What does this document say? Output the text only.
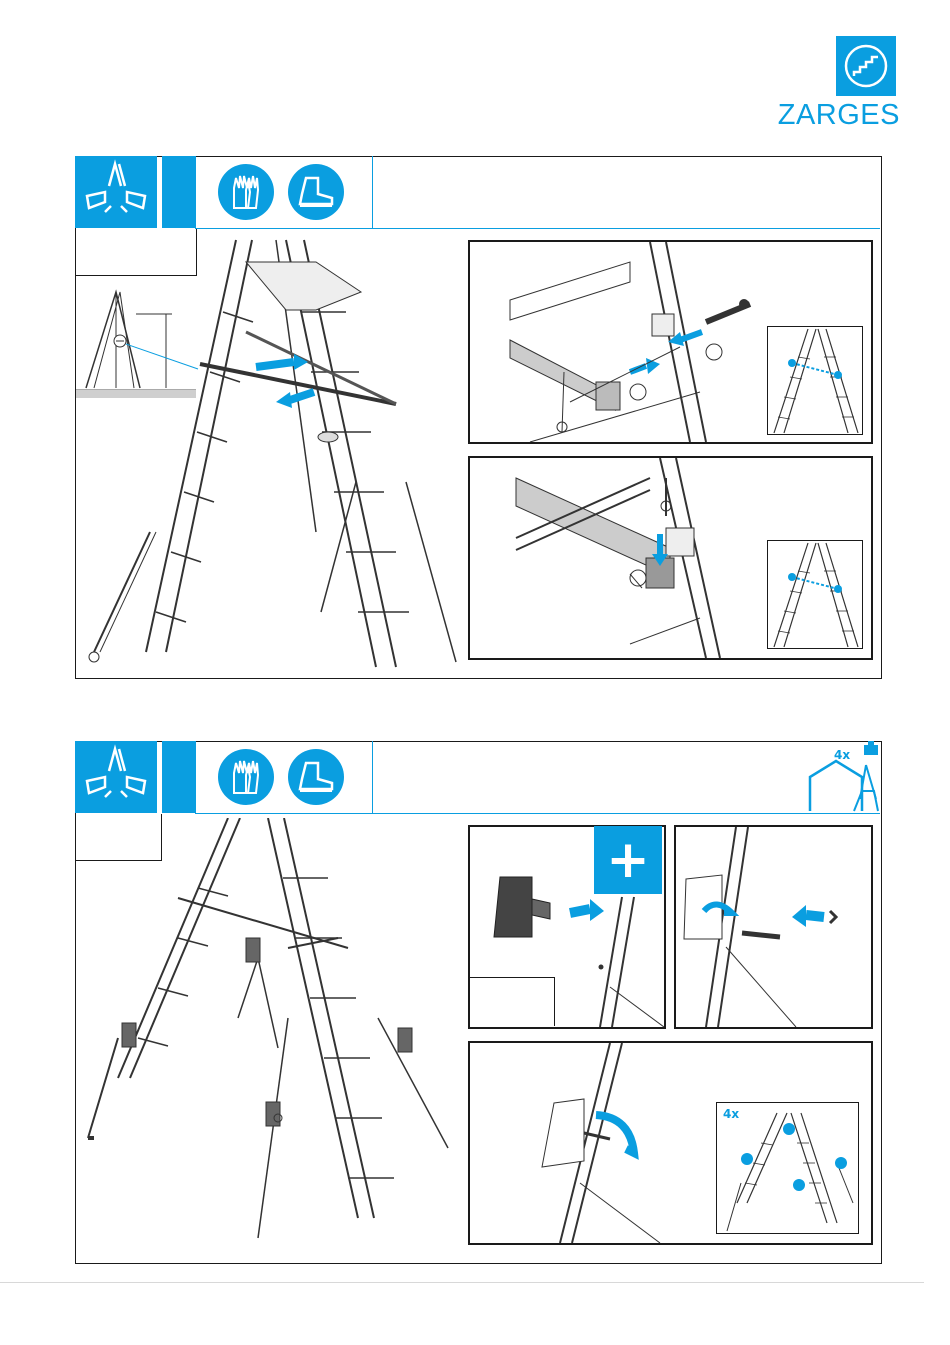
ZARGES
4x
+
4x
